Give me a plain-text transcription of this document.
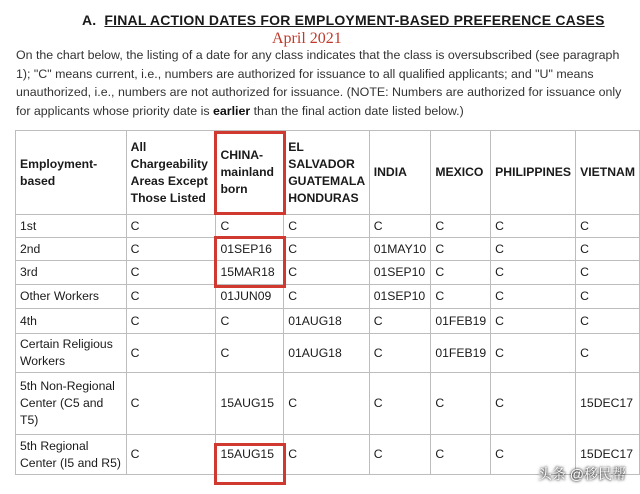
A. FINAL ACTION DATES FOR EMPLOYMENT-BASED PREFERENCE CASES
April 2021
On the chart below, the listing of a date for any class indicates that the class is oversubscribed (see paragraph 1); "C" means current, i.e., numbers are authorized for issuance to all qualified applicants; and "U" means unauthorized, i.e., numbers are not authorized for issuance. (NOTE: Numbers are authorized for issuance only for applicants whose priority date is earlier than the final action date listed below.)
Employment-based	All Chargeability Areas Except Those Listed	CHINA-mainland born	EL SALVADOR GUATEMALA HONDURAS	INDIA	MEXICO	PHILIPPINES	VIETNAM
1st	C	C	C	C	C	C	C
2nd	C	01SEP16	C	01MAY10	C	C	C
3rd	C	15MAR18	C	01SEP10	C	C	C
Other Workers	C	01JUN09	C	01SEP10	C	C	C
4th	C	C	01AUG18	C	01FEB19	C	C
Certain Religious Workers	C	C	01AUG18	C	01FEB19	C	C
5th Non-Regional Center (C5 and T5)	C	15AUG15	C	C	C	C	15DEC17
5th Regional Center (I5 and R5)	C	15AUG15	C	C	C	C	15DEC17
头条 @移民帮
